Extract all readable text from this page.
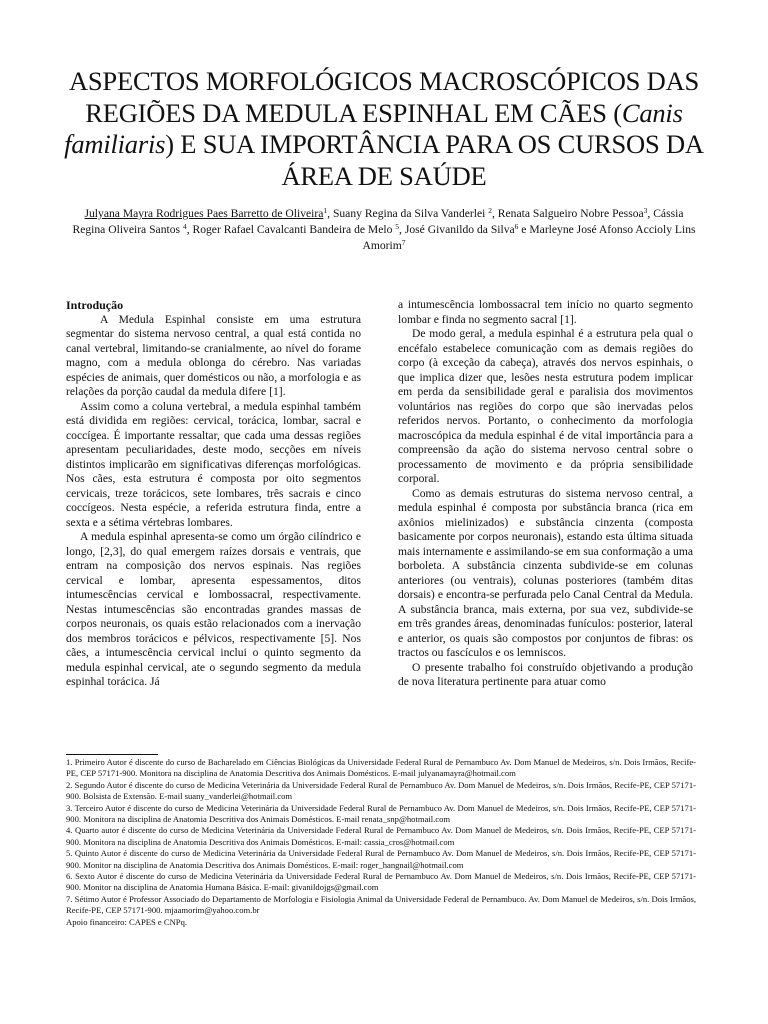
ASPECTOS MORFOLÓGICOS MACROSCÓPICOS DAS REGIÕES DA MEDULA ESPINHAL EM CÃES (Canis familiaris) E SUA IMPORTÂNCIA PARA OS CURSOS DA ÁREA DE SAÚDE
Julyana Mayra Rodrigues Paes Barretto de Oliveira$^1$, Suany Regina da Silva Vanderlei $^2$, Renata Salgueiro Nobre Pessoa$^3$, Cássia Regina Oliveira Santos $^4$, Roger Rafael Cavalcanti Bandeira de Melo $^5$, José Givanildo da Silva$^6$ e Marleyne José Afonso Accioly Lins Amorim$^7$

Introdução

A Medula Espinhal consiste em uma estrutura segmentar do sistema nervoso central, a qual está contida no canal vertebral, limitando-se cranialmente, ao nível do forame magno, com a medula oblonga do cérebro. Nas variadas espécies de animais, quer domésticos ou não, a morfologia e as relações da porção caudal da medula difere [1].

Assim como a coluna vertebral, a medula espinhal também está dividida em regiões: cervical, torácica, lombar, sacral e coccígea. É importante ressaltar, que cada uma dessas regiões apresentam peculiaridades, deste modo, secções em níveis distintos implicarão em significativas diferenças morfológicas. Nos cães, esta estrutura é composta por oito segmentos cervicais, treze torácicos, sete lombares, três sacrais e cinco coccígeos. Nesta espécie, a referida estrutura finda, entre a sexta e a sétima vértebras lombares.

A medula espinhal apresenta-se como um órgão cilíndrico e longo, [2,3], do qual emergem raízes dorsais e ventrais, que entram na composição dos nervos espinais. Nas regiões cervical e lombar, apresenta espessamentos, ditos intumescências cervical e lombossacral, respectivamente. Nestas intumescências são encontradas grandes massas de corpos neuronais, os quais estão relacionados com a inervação dos membros torácicos e pélvicos, respectivamente [5]. Nos cães, a intumescência cervical inclui o quinto segmento da medula espinhal cervical, ate o segundo segmento da medula espinhal torácica. Já

a intumescência lombossacral tem início no quarto segmento lombar e finda no segmento sacral [1].

De modo geral, a medula espinhal é a estrutura pela qual o encéfalo estabelece comunicação com as demais regiões do corpo (à exceção da cabeça), através dos nervos espinhais, o que implica dizer que, lesões nesta estrutura podem implicar em perda da sensibilidade geral e paralisia dos movimentos voluntários nas regiões do corpo que são inervadas pelos referidos nervos. Portanto, o conhecimento da morfologia macroscópica da medula espinhal é de vital importância para a compreensão da ação do sistema nervoso central sobre o processamento de movimento e da própria sensibilidade corporal.

Como as demais estruturas do sistema nervoso central, a medula espinhal é composta por substância branca (rica em axônios mielinizados) e substância cinzenta (composta basicamente por corpos neuronais), estando esta última situada mais internamente e assimilando-se em sua conformação a uma borboleta. A substância cinzenta subdivide-se em colunas anteriores (ou ventrais), colunas posteriores (também ditas dorsais) e encontra-se perfurada pelo Canal Central da Medula. A substância branca, mais externa, por sua vez, subdivide-se em três grandes áreas, denominadas funículos: posterior, lateral e anterior, os quais são compostos por conjuntos de fibras: os tractos ou fascículos e os lemniscos.

O presente trabalho foi construído objetivando a produção de nova literatura pertinente para atuar como

1. Primeiro Autor é discente do curso de Bacharelado em Ciências Biológicas da Universidade Federal Rural de Pernambuco Av. Dom Manuel de Medeiros, s/n. Dois Irmãos, Recife-PE, CEP 57171-900. Monitora na disciplina de Anatomia Descritiva dos Animais Domésticos. E-mail julyanamayra@hotmail.com

2. Segundo Autor é discente do curso de Medicina Veterinária da Universidade Federal Rural de Pernambuco Av. Dom Manuel de Medeiros, s/n. Dois Irmãos, Recife-PE, CEP 57171-900. Bolsista de Extensão. E-mail suany_vanderlei@hotmail.com

3. Terceiro Autor é discente do curso de Medicina Veterinária da Universidade Federal Rural de Pernambuco Av. Dom Manuel de Medeiros, s/n. Dois Irmãos, Recife-PE, CEP 57171-900. Monitora na disciplina de Anatomia Descritiva dos Animais Domésticos. E-mail renata_snp@hotmail.com

4. Quarto autor é discente do curso de Medicina Veterinária da Universidade Federal Rural de Pernambuco Av. Dom Manuel de Medeiros, s/n. Dois Irmãos, Recife-PE, CEP 57171-900. Monitora na disciplina de Anatomia Descritiva dos Animais Domésticos. E-mail: cassia_cros@hotmail.com

5. Quinto Autor é discente do curso de Medicina Veterinária da Universidade Federal Rural de Pernambuco Av. Dom Manuel de Medeiros, s/n. Dois Irmãos, Recife-PE, CEP 57171-900. Monitor na disciplina de Anatomia Descritiva dos Animais Domésticos. E-mail: roger_hangnail@hotmail.com

6. Sexto Autor é discente do curso de Medicina Veterinária da Universidade Federal Rural de Pernambuco Av. Dom Manuel de Medeiros, s/n. Dois Irmãos, Recife-PE, CEP 57171-900. Monitor na disciplina de Anatomia Humana Básica. E-mail: givanildojgs@gmail.com

7. Sétimo Autor é Professor Associado do Departamento de Morfologia e Fisiologia Animal da Universidade Federal de Pernambuco. Av. Dom Manuel de Medeiros, s/n. Dois Irmãos, Recife-PE, CEP 57171-900. mjaamorim@yahoo.com.br

Apoio financeiro: CAPES e CNPq.
